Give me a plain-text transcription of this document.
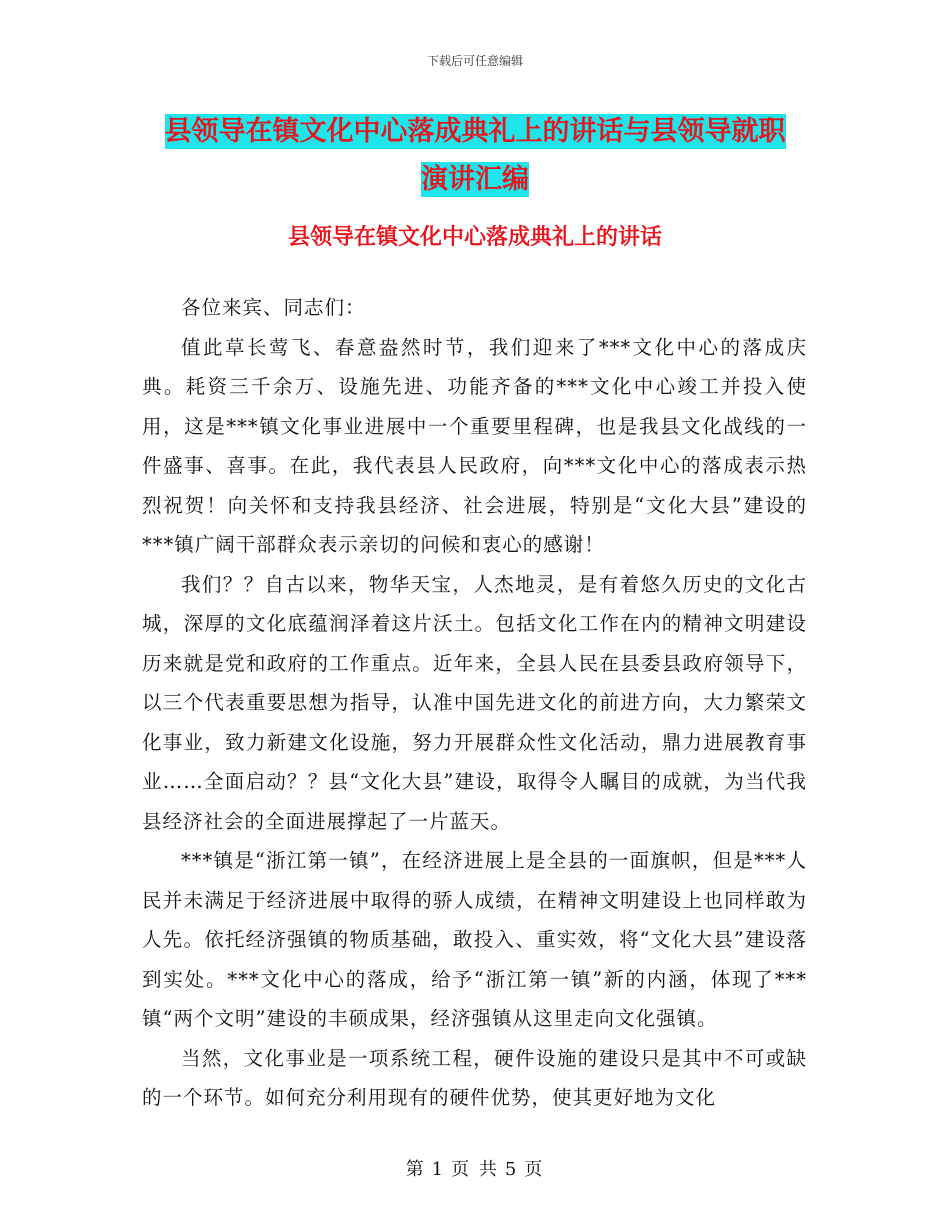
下载后可任意编辑
县领导在镇文化中心落成典礼上的讲话与县领导就职
演讲汇编
县领导在镇文化中心落成典礼上的讲话

各位来宾、同志们：

值此草长莺飞、春意盎然时节，我们迎来了***文化中心的落成庆典。耗资三千余万、设施先进、功能齐备的***文化中心竣工并投入使用，这是***镇文化事业进展中一个重要里程碑，也是我县文化战线的一件盛事、喜事。在此，我代表县人民政府，向***文化中心的落成表示热烈祝贺！向关怀和支持我县经济、社会进展，特别是“文化大县”建设的***镇广阔干部群众表示亲切的问候和衷心的感谢！

我们？？自古以来，物华天宝，人杰地灵，是有着悠久历史的文化古城，深厚的文化底蕴润泽着这片沃土。包括文化工作在内的精神文明建设历来就是党和政府的工作重点。近年来，全县人民在县委县政府领导下，以三个代表重要思想为指导，认准中国先进文化的前进方向，大力繁荣文化事业，致力新建文化设施，努力开展群众性文化活动，鼎力进展教育事业……全面启动？？县“文化大县”建设，取得令人瞩目的成就，为当代我县经济社会的全面进展撑起了一片蓝天。

***镇是“浙江第一镇”，在经济进展上是全县的一面旗帜，但是***人民并未满足于经济进展中取得的骄人成绩，在精神文明建设上也同样敢为人先。依托经济强镇的物质基础，敢投入、重实效，将“文化大县”建设落到实处。***文化中心的落成，给予“浙江第一镇”新的内涵，体现了***镇“两个文明”建设的丰硕成果，经济强镇从这里走向文化强镇。

当然，文化事业是一项系统工程，硬件设施的建设只是其中不可或缺的一个环节。如何充分利用现有的硬件优势，使其更好地为文化

第 1 页 共 5 页
